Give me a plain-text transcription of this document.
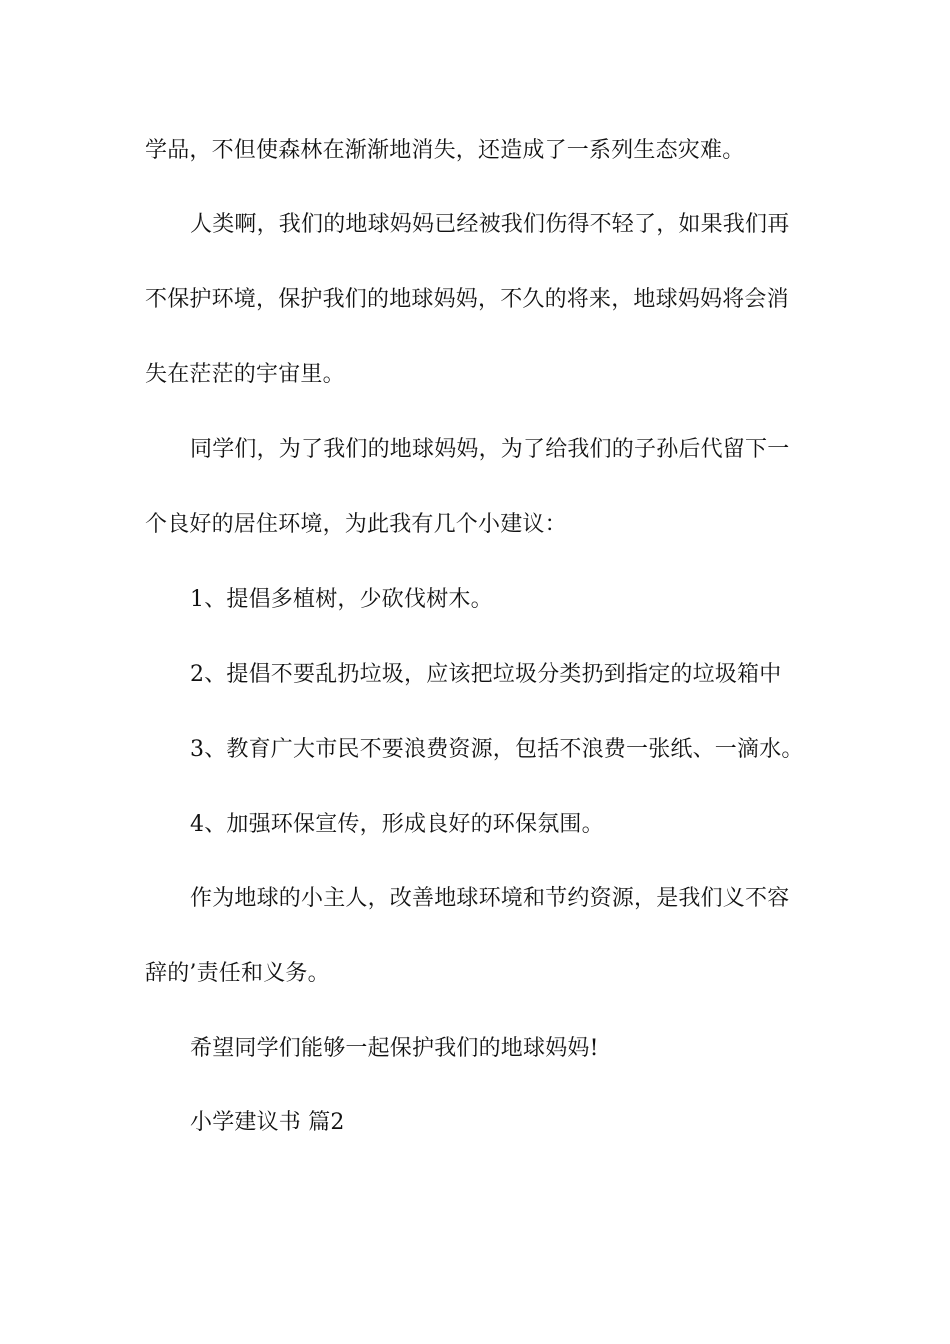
学品，不但使森林在渐渐地消失，还造成了一系列生态灾难。

人类啊，我们的地球妈妈已经被我们伤得不轻了，如果我们再

不保护环境，保护我们的地球妈妈，不久的将来，地球妈妈将会消

失在茫茫的宇宙里。

同学们，为了我们的地球妈妈，为了给我们的子孙后代留下一

个良好的居住环境，为此我有几个小建议：

1、提倡多植树，少砍伐树木。

2、提倡不要乱扔垃圾，应该把垃圾分类扔到指定的垃圾箱中

3、教育广大市民不要浪费资源，包括不浪费一张纸、一滴水。

4、加强环保宣传，形成良好的环保氛围。

作为地球的小主人，改善地球环境和节约资源，是我们义不容

辞的’责任和义务。

希望同学们能够一起保护我们的地球妈妈!

小学建议书 篇2
